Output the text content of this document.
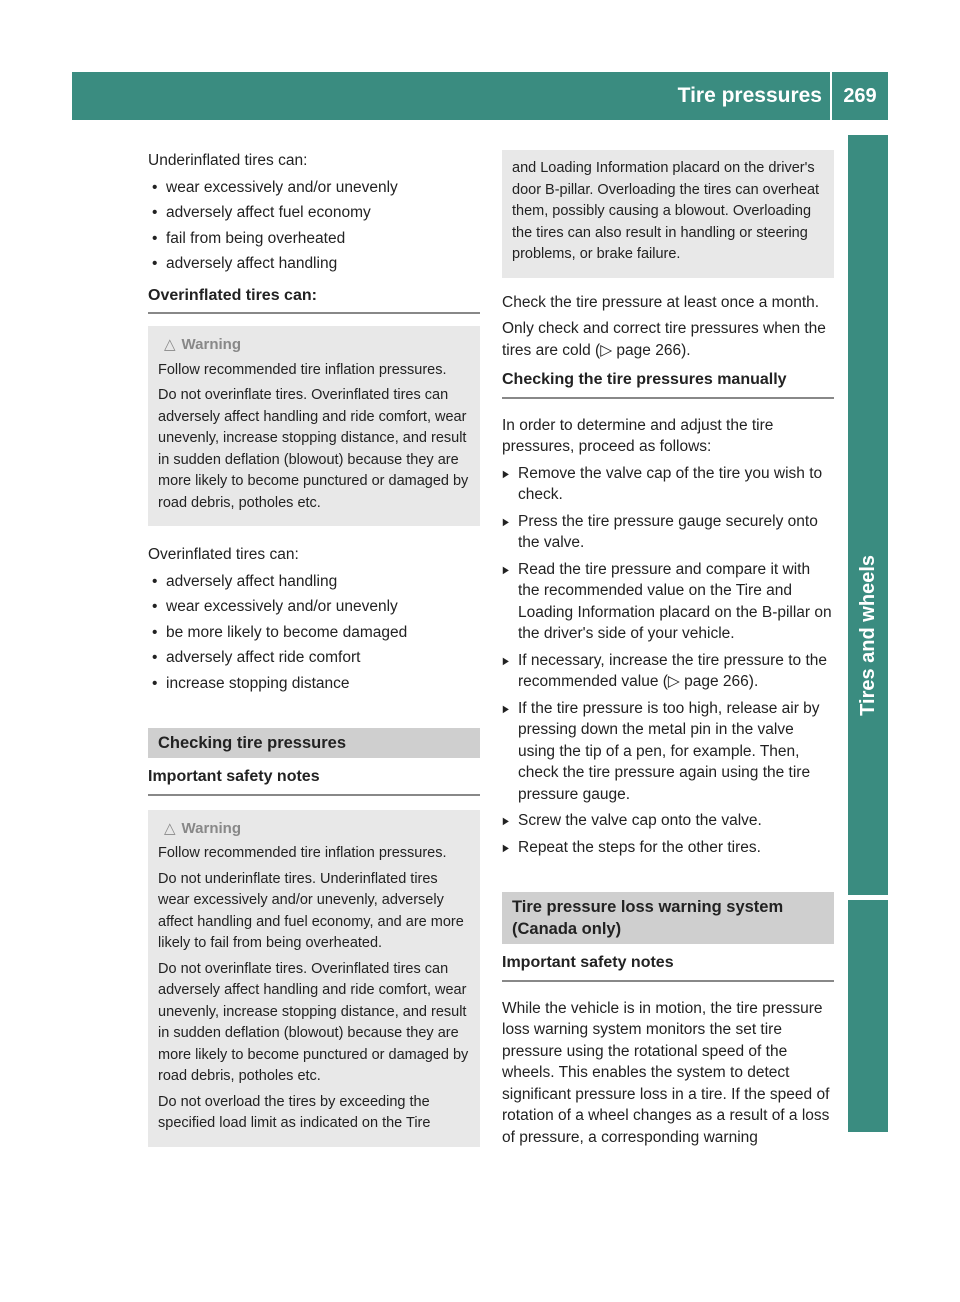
Tire pressures	269
Tires and wheels

Underinflated tires can:

• wear excessively and/or unevenly
• adversely affect fuel economy
• fail from being overheated
• adversely affect handling
Overinflated tires can:
△ Warning

Follow recommended tire inflation pressures.

Do not overinflate tires. Overinflated tires can adversely affect handling and ride comfort, wear unevenly, increase stopping distance, and result in sudden deflation (blowout) because they are more likely to become punctured or damaged by road debris, potholes etc.

Overinflated tires can:

• adversely affect handling
• wear excessively and/or unevenly
• be more likely to become damaged
• adversely affect ride comfort
• increase stopping distance
Checking tire pressures
Important safety notes
△ Warning

Follow recommended tire inflation pressures.

Do not underinflate tires. Underinflated tires wear excessively and/or unevenly, adversely affect handling and fuel economy, and are more likely to fail from being overheated.

Do not overinflate tires. Overinflated tires can adversely affect handling and ride comfort, wear unevenly, increase stopping distance, and result in sudden deflation (blowout) because they are more likely to become punctured or damaged by road debris, potholes etc.

Do not overload the tires by exceeding the specified load limit as indicated on the Tire

and Loading Information placard on the driver's door B-pillar. Overloading the tires can overheat them, possibly causing a blowout. Overloading the tires can also result in handling or steering problems, or brake failure.

Check the tire pressure at least once a month.

Only check and correct tire pressures when the tires are cold (▷ page 266).

Checking the tire pressures manually

In order to determine and adjust the tire pressures, proceed as follows:

▶ Remove the valve cap of the tire you wish to check.
▶ Press the tire pressure gauge securely onto the valve.
▶ Read the tire pressure and compare it with the recommended value on the Tire and Loading Information placard on the B-pillar on the driver's side of your vehicle.
▶ If necessary, increase the tire pressure to the recommended value (▷ page 266).
▶ If the tire pressure is too high, release air by pressing down the metal pin in the valve using the tip of a pen, for example. Then, check the tire pressure again using the tire pressure gauge.
▶ Screw the valve cap onto the valve.
▶ Repeat the steps for the other tires.
Tire pressure loss warning system (Canada only)
Important safety notes

While the vehicle is in motion, the tire pressure loss warning system monitors the set tire pressure using the rotational speed of the wheels. This enables the system to detect significant pressure loss in a tire. If the speed of rotation of a wheel changes as a result of a loss of pressure, a corresponding warning
